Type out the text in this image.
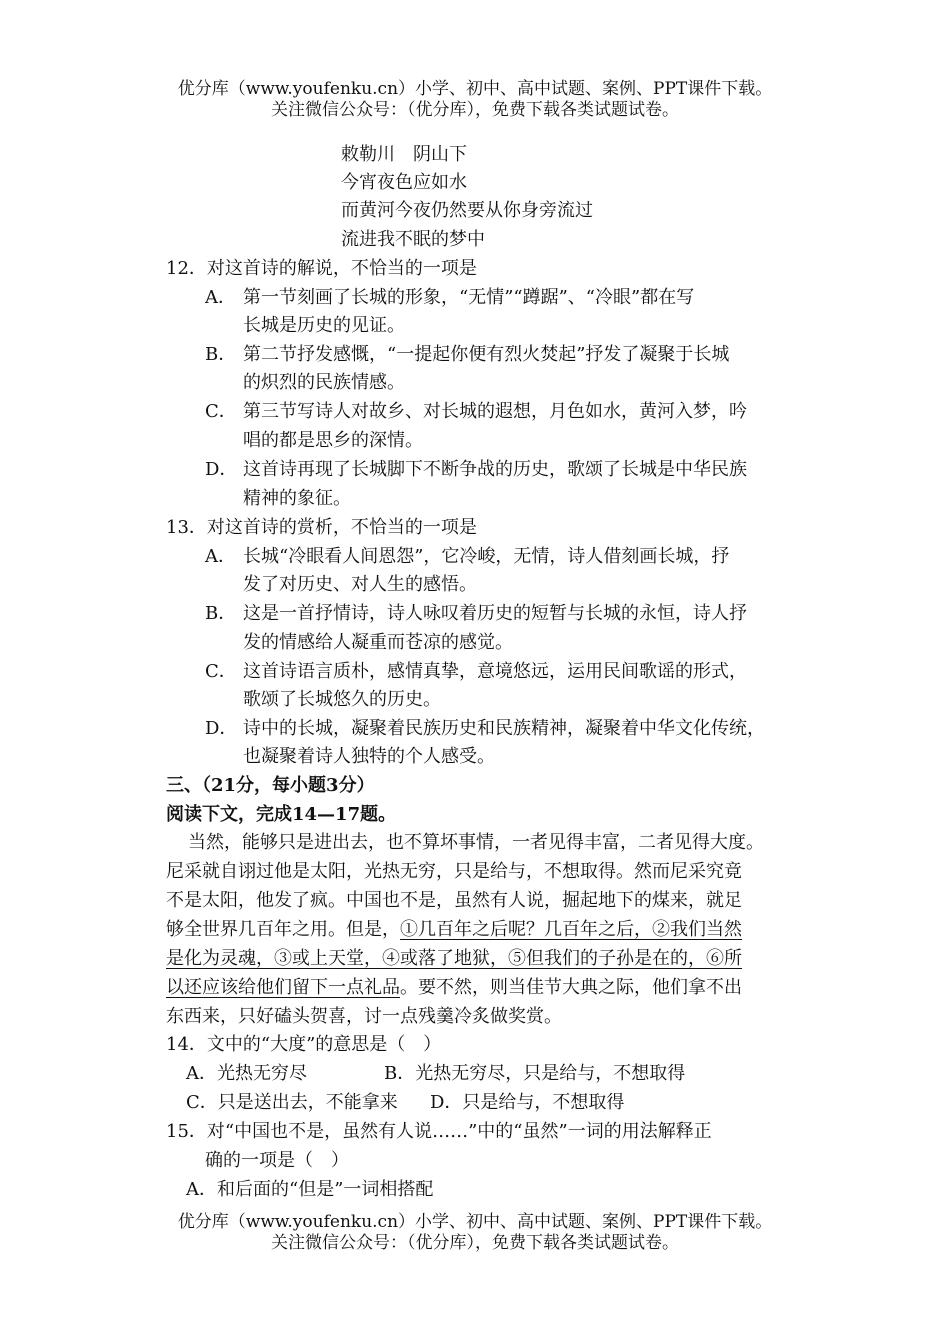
优分库（www.youfenku.cn）小学、初中、高中试题、案例、PPT课件下载。
关注微信公众号：（优分库），免费下载各类试题试卷。
敕勒川　阴山下
今宵夜色应如水
而黄河今夜仍然要从你身旁流过
流进我不眠的梦中
12．对这首诗的解说，不恰当的一项是
A． 第一节刻画了长城的形象，“无情”“蹲踞”、“冷眼”都在写
长城是历史的见证。
B． 第二节抒发感慨，“一提起你便有烈火焚起”抒发了凝聚于长城
的炽烈的民族情感。
C． 第三节写诗人对故乡、对长城的遐想，月色如水，黄河入梦，吟
唱的都是思乡的深情。
D． 这首诗再现了长城脚下不断争战的历史，歌颂了长城是中华民族
精神的象征。
13．对这首诗的赏析，不恰当的一项是
A． 长城“冷眼看人间恩怨”，它冷峻，无情，诗人借刻画长城，抒
发了对历史、对人生的感悟。
B． 这是一首抒情诗，诗人咏叹着历史的短暂与长城的永恒，诗人抒
发的情感给人凝重而苍凉的感觉。
C． 这首诗语言质朴，感情真挚，意境悠远，运用民间歌谣的形式，
歌颂了长城悠久的历史。
D． 诗中的长城，凝聚着民族历史和民族精神，凝聚着中华文化传统，
也凝聚着诗人独特的个人感受。
三、（21分，每小题3分）
阅读下文，完成14—17题。
当然，能够只是进出去，也不算坏事情，一者见得丰富，二者见得大度。
尼采就自诩过他是太阳，光热无穷，只是给与，不想取得。然而尼采究竟
不是太阳，他发了疯。中国也不是，虽然有人说，掘起地下的煤来，就足
够全世界几百年之用。但是，①几百年之后呢？几百年之后，②我们当然
是化为灵魂，③或上天堂，④或落了地狱，⑤但我们的子孙是在的，⑥所
以还应该给他们留下一点礼品。要不然，则当佳节大典之际，他们拿不出
东西来，只好磕头贺喜，讨一点残羹冷炙做奖赏。
14．文中的“大度”的意思是（　）
A．光热无穷尽	B．光热无穷尽，只是给与，不想取得
C．只是送出去，不能拿来 D．只是给与，不想取得
15．对“中国也不是，虽然有人说……”中的“虽然”一词的用法解释正
确的一项是（　）
A．和后面的“但是”一词相搭配
优分库（www.youfenku.cn）小学、初中、高中试题、案例、PPT课件下载。
关注微信公众号：（优分库），免费下载各类试题试卷。
